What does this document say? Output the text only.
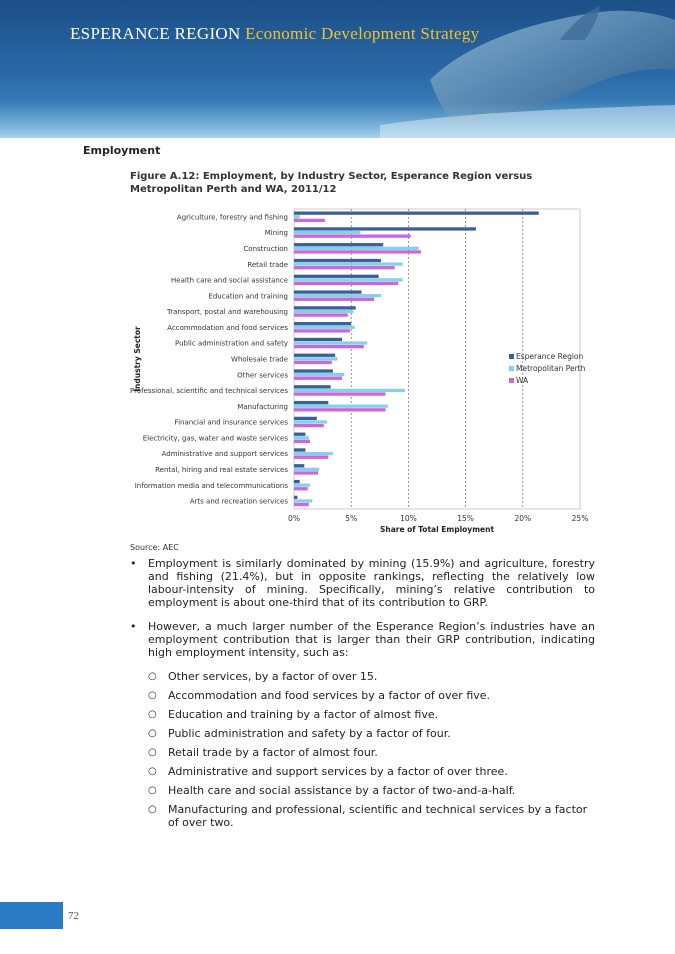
ESPERANCE REGION Economic Development Strategy
Employment
Figure A.12: Employment, by Industry Sector, Esperance Region versus Metropolitan Perth and WA, 2011/12
Agriculture, forestry and fishing
Mining
Construction
Retail trade
Health care and social assistance
Education and training
Transport, postal and warehousing
Accommodation and food services
Public administration and safety
Wholesale trade
Other services
Professional, scientific and technical services
Manufacturing
Financial and insurance services
Electricity, gas, water and waste services
Administrative and support services
Rental, hiring and real estate services
Information media and telecommunications
Arts and recreation services
0%	5%	10%	15%	20%	25%
Share of Total Employment
Industry Sector	Esperance Region
Metropolitan Perth
WA
Source: AEC
• Employment is similarly dominated by mining (15.9%) and agriculture, forestry and fishing (21.4%), but in opposite rankings, reflecting the relatively low labour-intensity of mining. Specifically, mining’s relative contribution to employment is about one-third that of its contribution to GRP.
• However, a much larger number of the Esperance Region’s industries have an employment contribution that is larger than their GRP contribution, indicating high employment intensity, such as:
○ Other services, by a factor of over 15.
○ Accommodation and food services by a factor of over five.
○ Education and training by a factor of almost five.
○ Public administration and safety by a factor of four.
○ Retail trade by a factor of almost four.
○ Administrative and support services by a factor of over three.
○ Health care and social assistance by a factor of two-and-a-half.
○ Manufacturing and professional, scientific and technical services by a factor of over two.
72
